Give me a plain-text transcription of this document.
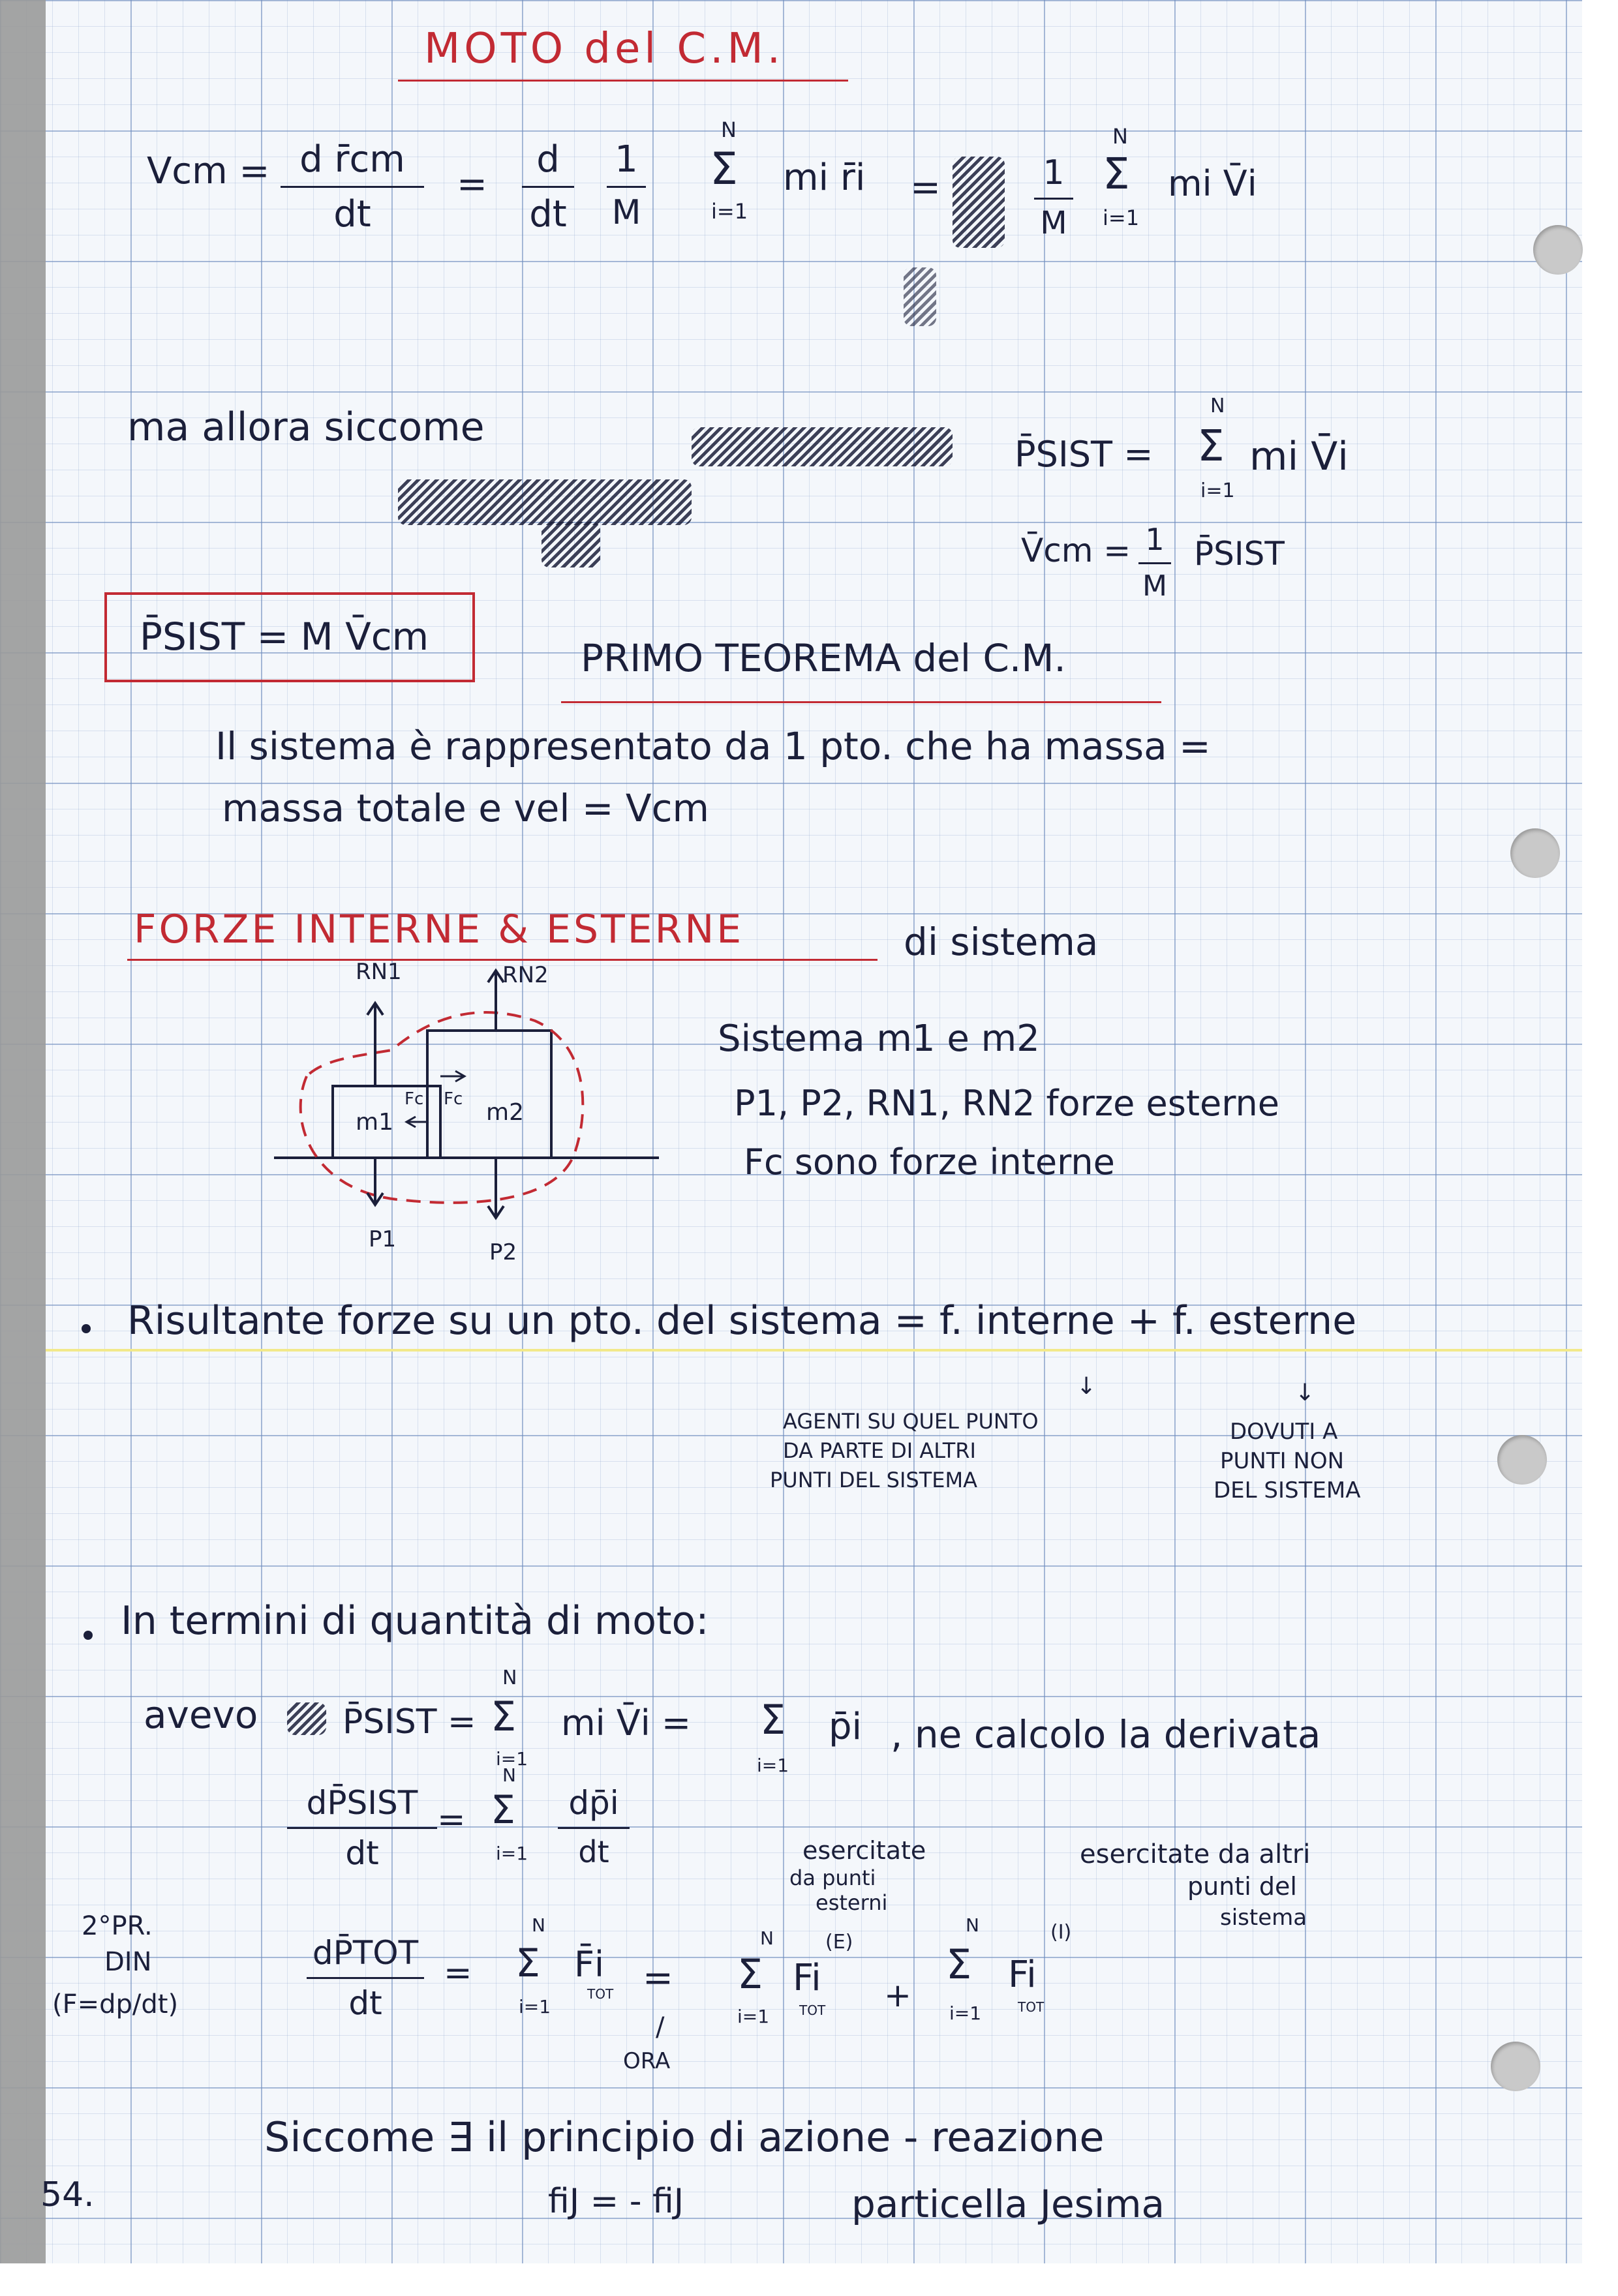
MOTO del C.M.
Vcm = d r̄cm
dt
=
d
dt
1
M
N
Σ
i=1
mi r̄i =	1
M
N
Σ
i=1
mi V̄i
ma allora siccome
P̄SIST =
N
Σ
i=1
mi V̄i
V̄cm = 1
M
P̄SIST
P̄SIST = M V̄cm	PRIMO TEOREMA del C.M.
Il sistema è rappresentato da 1 pto. che ha massa =
massa totale e vel = Vcm
FORZE INTERNE & ESTERNE	di sistema
RN1	RN2
m1
Fc Fc m2
P1	P2
Sistema m1 e m2
P1, P2, RN1, RN2 forze esterne
Fc sono forze interne
Risultante forze su un pto. del sistema = f. interne + f. esterne
↓	↓
AGENTI SU QUEL PUNTO
DA PARTE DI ALTRI
PUNTI DEL SISTEMA
DOVUTI A
PUNTI NON
DEL SISTEMA
In termini di quantità di moto:
avevo P̄SIST =
N
Σ
i=1
mi V̄i = Σ
i=1
p̄i , ne calcolo la derivata
dP̄SIST
dt
=
N
Σ
i=1
dp̄i
dt
2°PR.
DIN
(F=dp/dt)
esercitate
da punti
esterni
esercitate da altri
punti del
sistema
dP̄TOT
dt
=
N
Σ
i=1
F̄i
TOT =
/
ORA
N
Σ
i=1
Fi
(E)
TOT +
N
Σ
i=1
Fi
(I)
TOT
Siccome ∃ il principio di azione - reazione
fiJ = - fiJ	particella Jesima
54.
